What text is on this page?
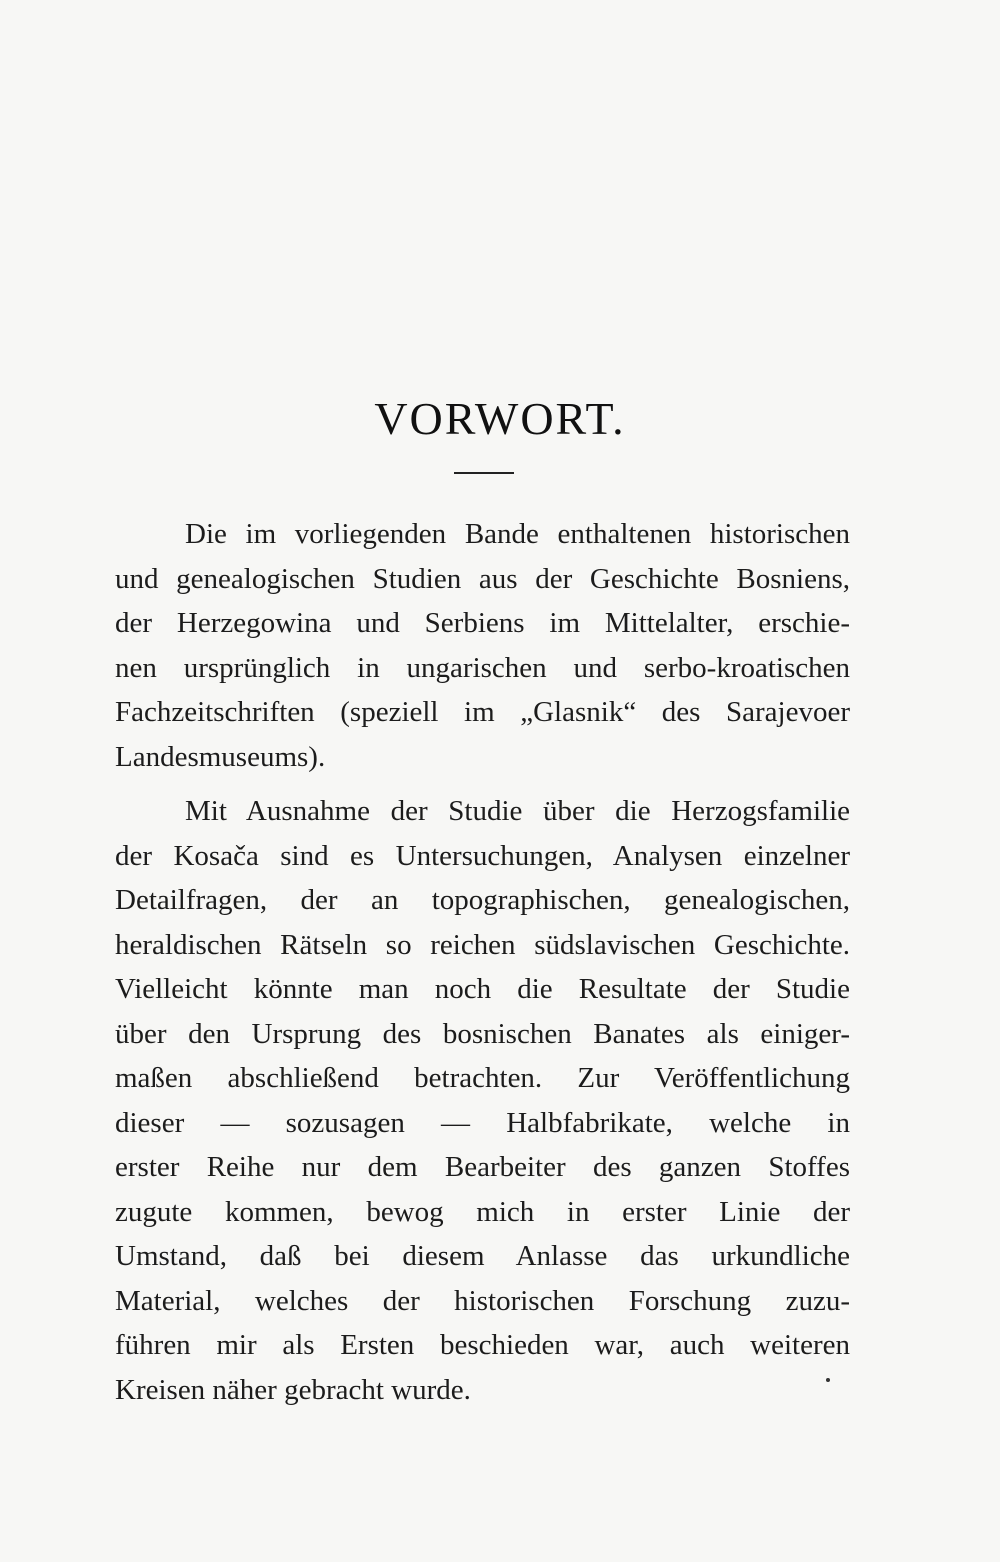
VORWORT.

Die im vorliegenden Bande enthaltenen historischen
und genealogischen Studien aus der Geschichte Bosniens,
der Herzegowina und Serbiens im Mittelalter, erschie-
nen ursprünglich in ungarischen und serbo-kroatischen
Fachzeitschriften (speziell im „Glasnik“ des Sarajevoer
Landesmuseums).

Mit Ausnahme der Studie über die Herzogsfamilie
der Kosača sind es Untersuchungen, Analysen einzelner
Detailfragen, der an topographischen, genealogischen,
heraldischen Rätseln so reichen südslavischen Geschichte.
Vielleicht könnte man noch die Resultate der Studie
über den Ursprung des bosnischen Banates als einiger-
maßen abschließend betrachten. Zur Veröffentlichung
dieser — sozusagen — Halbfabrikate, welche in
erster Reihe nur dem Bearbeiter des ganzen Stoffes
zugute kommen, bewog mich in erster Linie der
Umstand, daß bei diesem Anlasse das urkundliche
Material, welches der historischen Forschung zuzu-
führen mir als Ersten beschieden war, auch weiteren
Kreisen näher gebracht wurde.
